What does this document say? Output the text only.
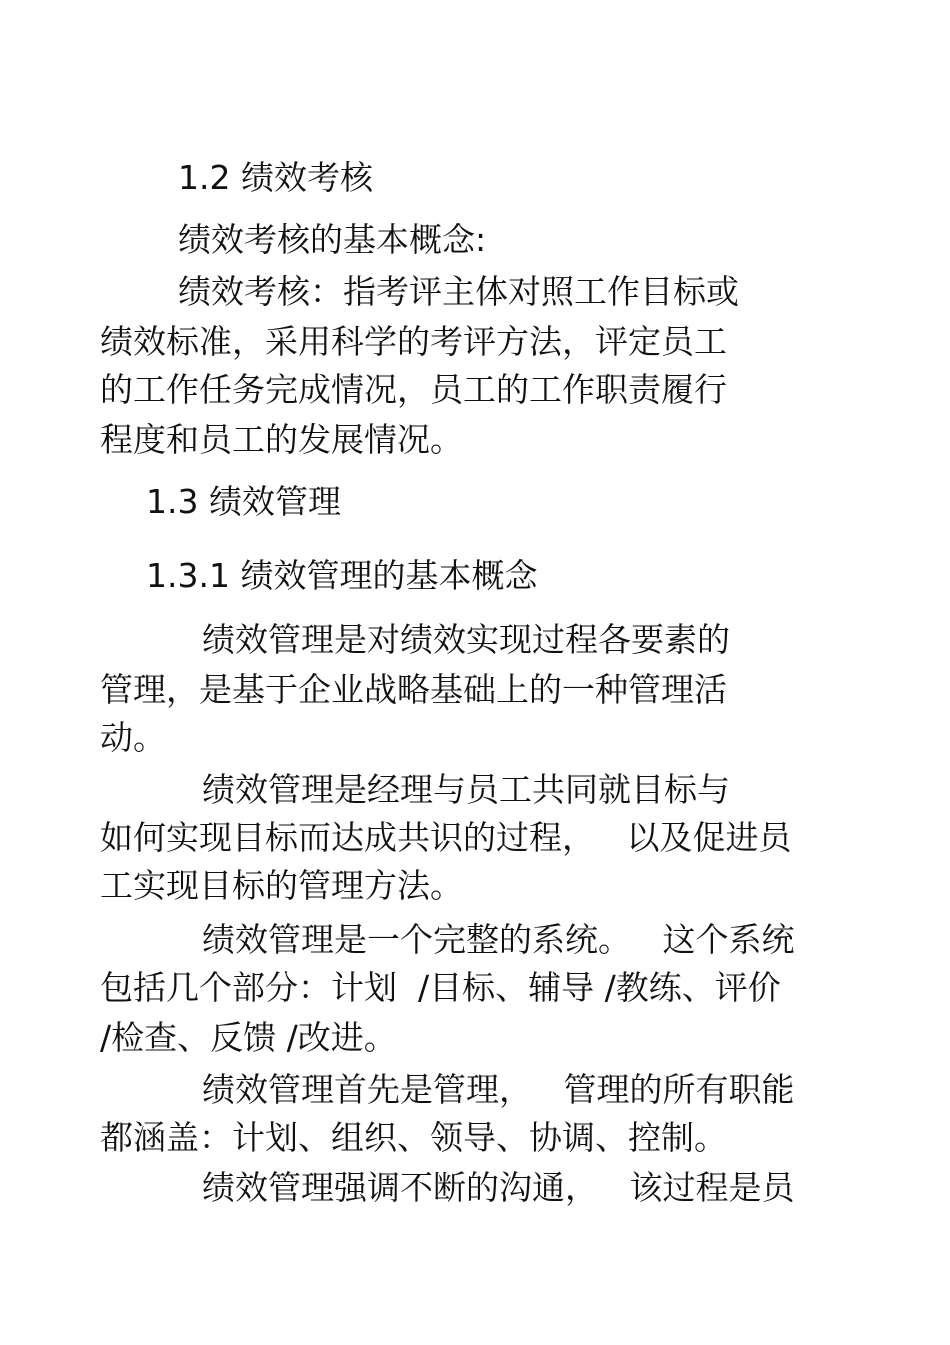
1.2 绩效考核
绩效考核的基本概念:
绩效考核：指考评主体对照工作目标或
绩效标准，采用科学的考评方法，评定员工
的工作任务完成情况，员工的工作职责履行
程度和员工的发展情况。
1.3 绩效管理
1.3.1 绩效管理的基本概念
绩效管理是对绩效实现过程各要素的
管理，是基于企业战略基础上的一种管理活
动。
绩效管理是经理与员工共同就目标与
如何实现目标而达成共识的过程，   以及促进员
工实现目标的管理方法。
绩效管理是一个完整的系统。   这个系统
包括几个部分：计划  /目标、辅导 /教练、评价
/检查、反馈 /改进。
绩效管理首先是管理，   管理的所有职能
都涵盖：计划、组织、领导、协调、控制。
绩效管理强调不断的沟通，   该过程是员
